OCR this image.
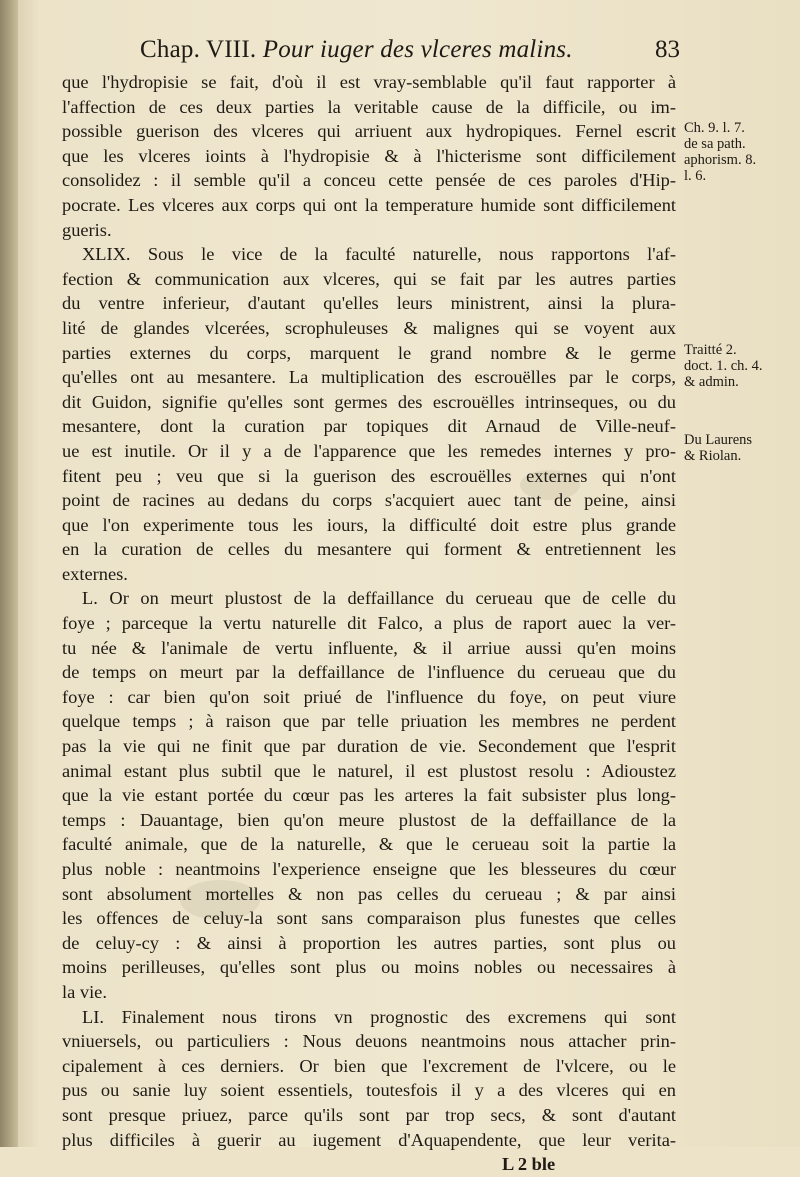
Chap. VIII. Pour iuger des vlceres malins.	83
que l'hydropisie se fait, d'où il est vray-semblable qu'il faut rapporter à
l'affection de ces deux parties la veritable cause de la difficile, ou im-
possible guerison des vlceres qui arriuent aux hydropiques. Fernel escrit
que les vlceres ioints à l'hydropisie & à l'hicterisme sont difficilement
consolidez : il semble qu'il a conceu cette pensée de ces paroles d'Hip-
pocrate. Les vlceres aux corps qui ont la temperature humide sont difficilement
gueris.
XLIX. Sous le vice de la faculté naturelle, nous rapportons l'af-
fection & communication aux vlceres, qui se fait par les autres parties
du ventre inferieur, d'autant qu'elles leurs ministrent, ainsi la plura-
lité de glandes vlcerées, scrophuleuses & malignes qui se voyent aux
parties externes du corps, marquent le grand nombre & le germe
qu'elles ont au mesantere. La multiplication des escrouëlles par le corps,
dit Guidon, signifie qu'elles sont germes des escrouëlles intrinseques, ou du
mesantere, dont la curation par topiques dit Arnaud de Ville-neuf-
ue est inutile. Or il y a de l'apparence que les remedes internes y pro-
fitent peu ; veu que si la guerison des escrouëlles externes qui n'ont
point de racines au dedans du corps s'acquiert auec tant de peine, ainsi
que l'on experimente tous les iours, la difficulté doit estre plus grande
en la curation de celles du mesantere qui forment & entretiennent les
externes.
L. Or on meurt plustost de la deffaillance du cerueau que de celle du
foye ; parceque la vertu naturelle dit Falco, a plus de raport auec la ver-
tu née & l'animale de vertu influente, & il arriue aussi qu'en moins
de temps on meurt par la deffaillance de l'influence du cerueau que du
foye : car bien qu'on soit priué de l'influence du foye, on peut viure
quelque temps ; à raison que par telle priuation les membres ne perdent
pas la vie qui ne finit que par duration de vie. Secondement que l'esprit
animal estant plus subtil que le naturel, il est plustost resolu : Adioustez
que la vie estant portée du cœur pas les arteres la fait subsister plus long-
temps : Dauantage, bien qu'on meure plustost de la deffaillance de la
faculté animale, que de la naturelle, & que le cerueau soit la partie la
plus noble : neantmoins l'experience enseigne que les blesseures du cœur
sont absolument mortelles & non pas celles du cerueau ; & par ainsi
les offences de celuy-la sont sans comparaison plus funestes que celles
de celuy-cy : & ainsi à proportion les autres parties, sont plus ou
moins perilleuses, qu'elles sont plus ou moins nobles ou necessaires à
la vie.
LI. Finalement nous tirons vn prognostic des excremens qui sont
vniuersels, ou particuliers : Nous deuons neantmoins nous attacher prin-
cipalement à ces derniers. Or bien que l'excrement de l'vlcere, ou le
pus ou sanie luy soient essentiels, toutesfois il y a des vlceres qui en
sont presque priuez, parce qu'ils sont par trop secs, & sont d'autant
plus difficiles à guerir au iugement d'Aquapendente, que leur verita-
L 2 ble
Ch. 9. l. 7.
de sa path.
aphorism. 8.
l. 6.
Traitté 2.
doct. 1. ch. 4.
& admin.
Du Laurens
& Riolan.
